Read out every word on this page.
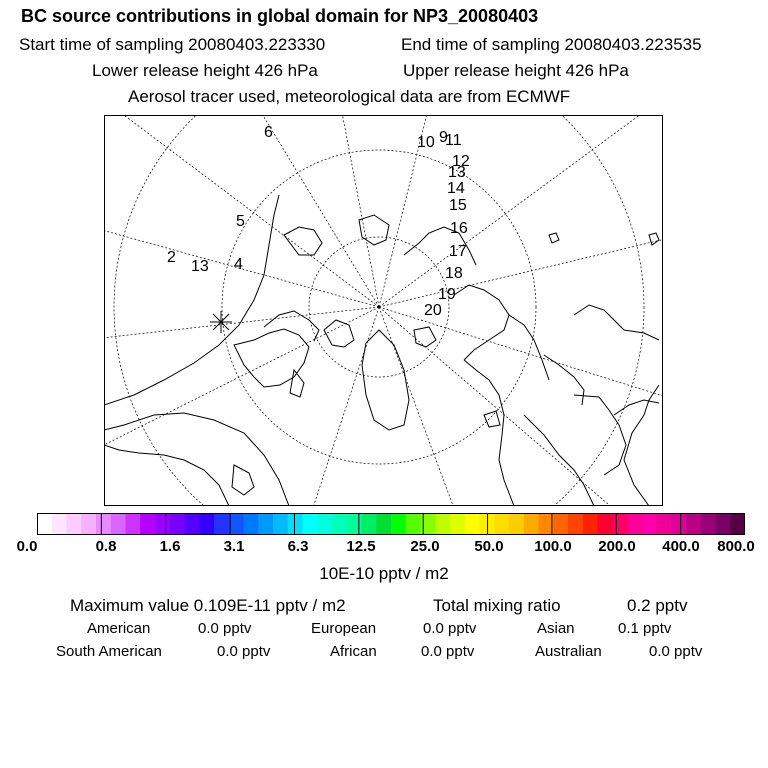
BC source contributions in global domain for NP3_20080403
Start time of sampling 20080403.223330	End time of sampling 20080403.223535
Lower release height 426 hPa	Upper release height 426 hPa
Aerosol tracer used, meteorological data are from ECMWF
6
10 9
11
12
13
14
15
16
17
18
19
20
5
2
13 4
0.0	0.8	1.6	3.1	6.3	12.5 25.0 50.0 100.0 200.0 400.0 800.0
10E-10 pptv / m2
Maximum value 0.109E-11 pptv / m2	Total mixing ratio	0.2 pptv
American	0.0 pptv	European	0.0 pptv	Asian	0.1 pptv
South American	0.0 pptv	African	0.0 pptv	Australian	0.0 pptv
